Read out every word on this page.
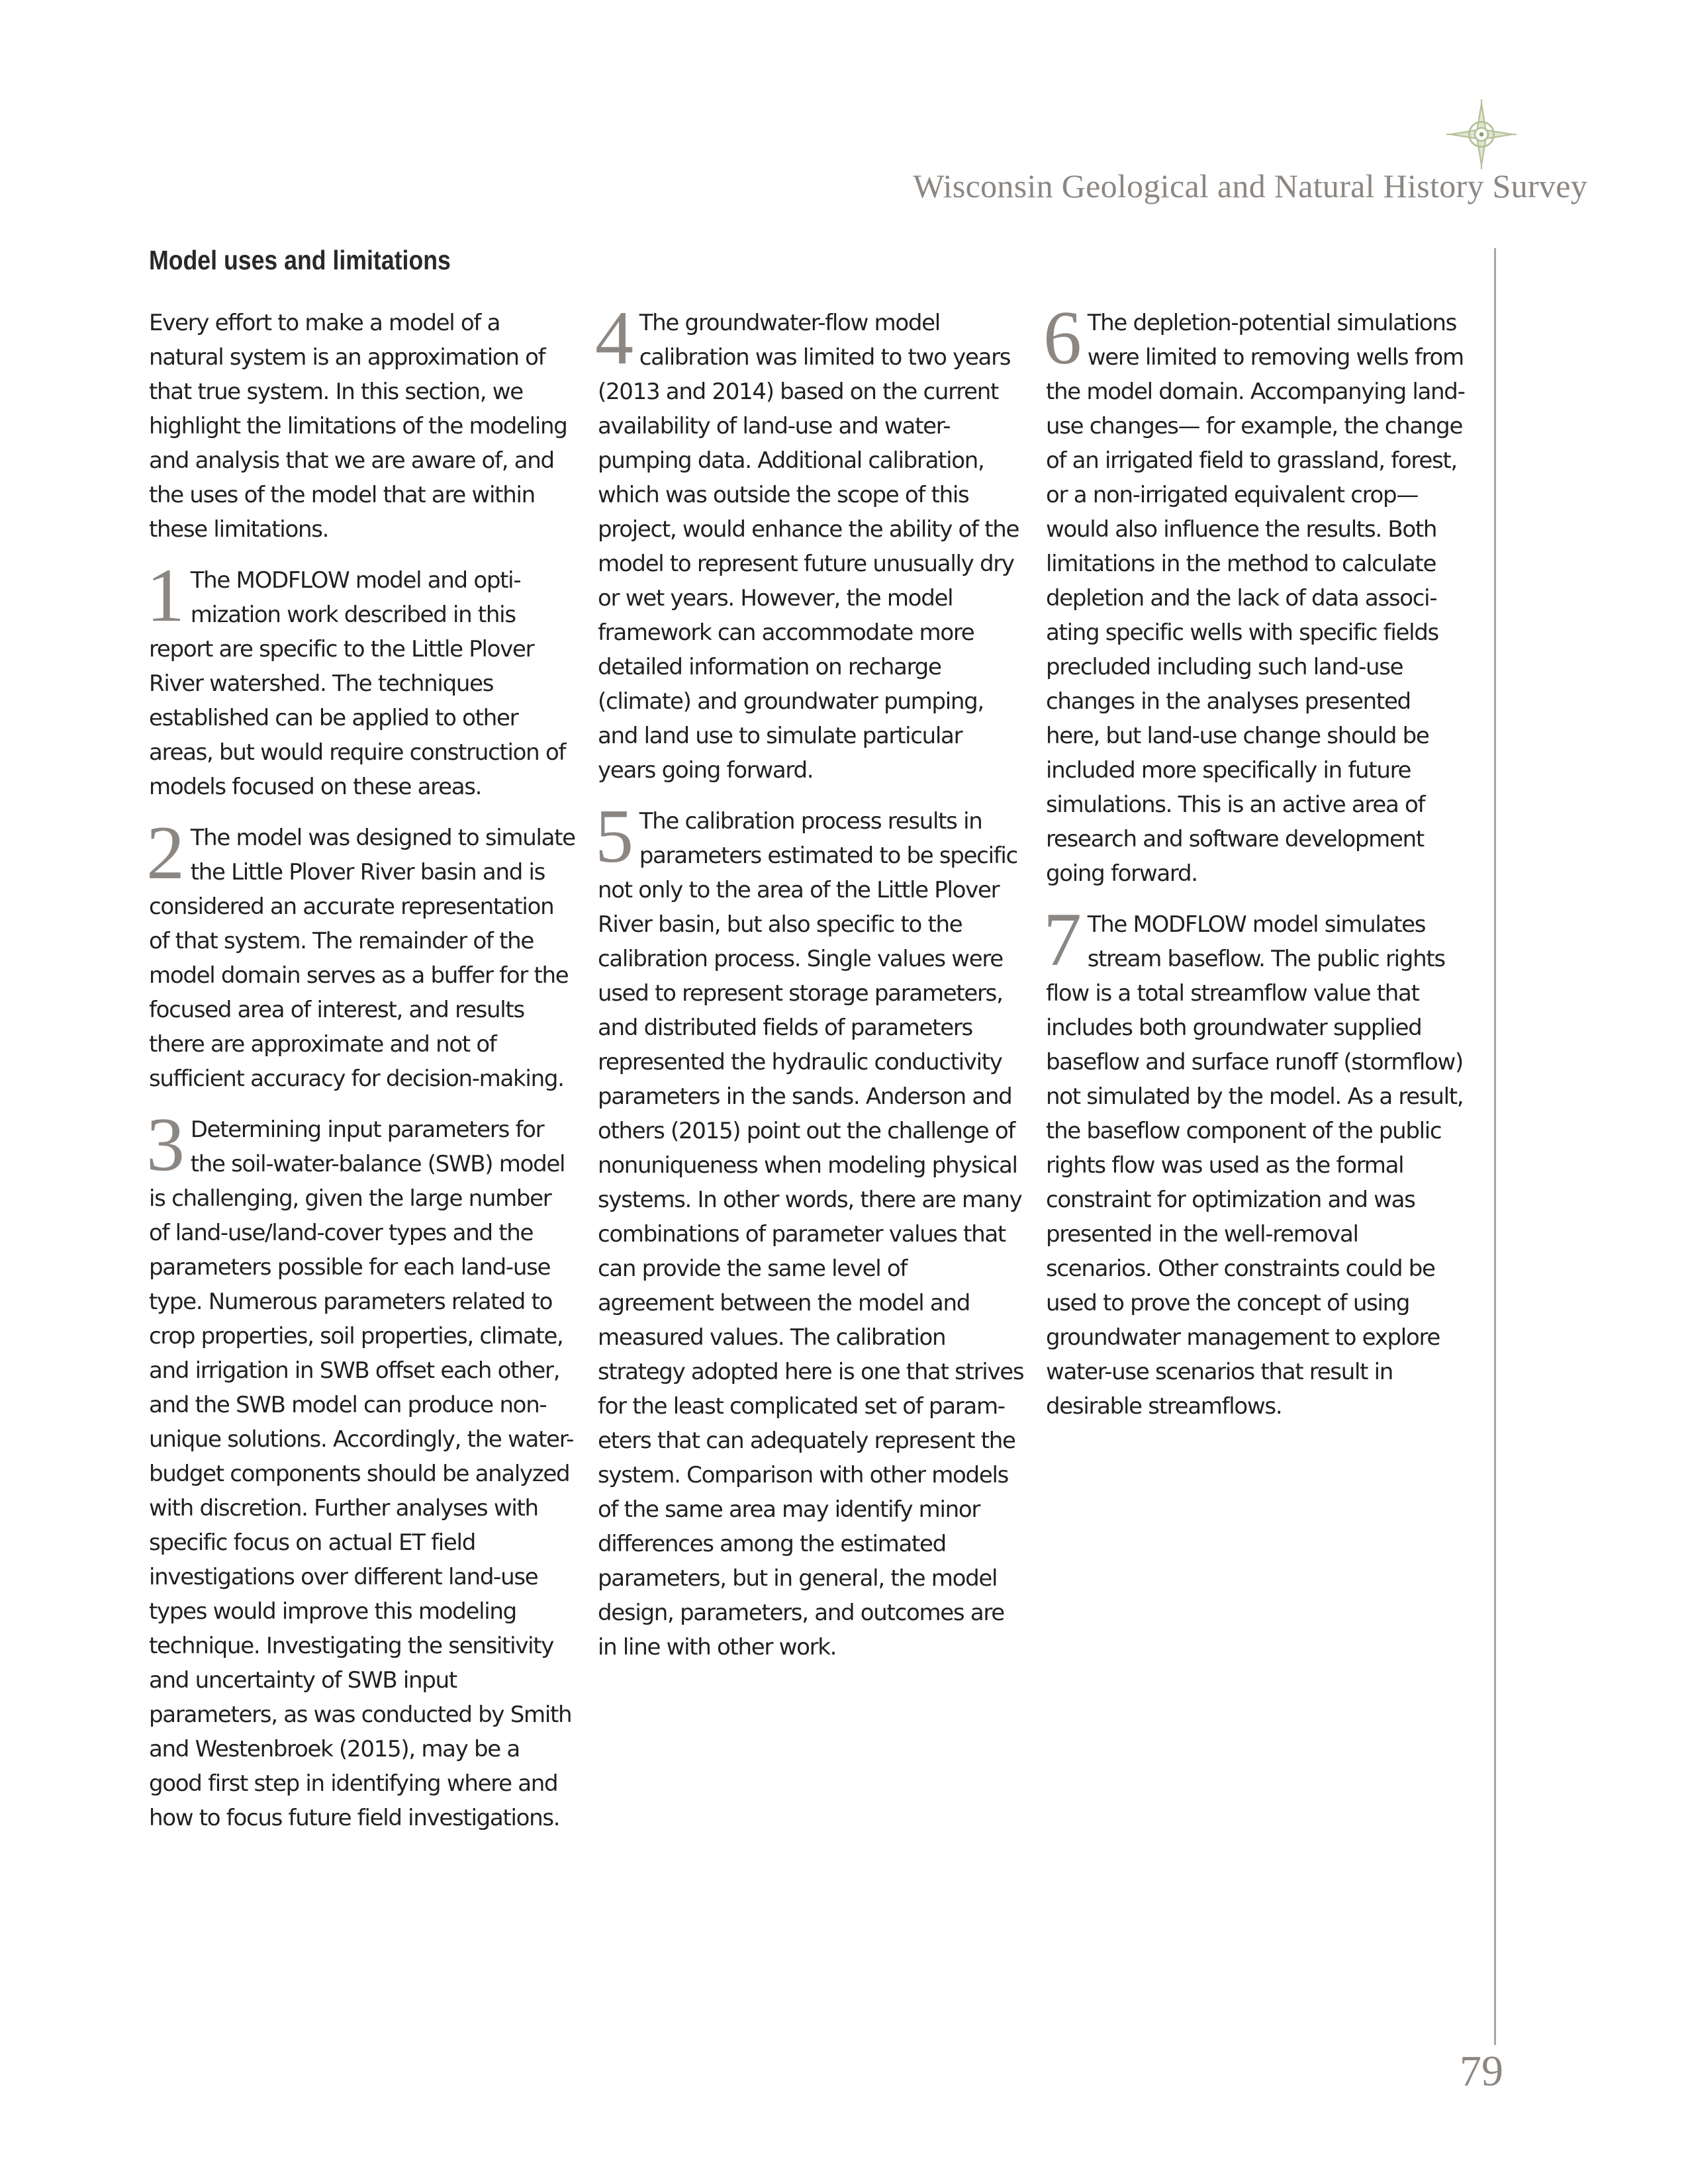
Wisconsin Geological and Natural History Survey
Model uses and limitations

Every effort to make a model of a natural system is an approximation of that true system. In this section, we highlight the limitations of the modeling and analysis that we are aware of, and the uses of the model that are within these limitations.

1 The MODFLOW model and optimization work described in this report are specific to the Little Plover River watershed. The techniques established can be applied to other areas, but would require construction of models focused on these areas.

2 The model was designed to simulate the Little Plover River basin and is considered an accurate representation of that system. The remainder of the model domain serves as a buffer for the focused area of interest, and results there are approximate and not of sufficient accuracy for decision-making.

3 Determining input parameters for the soil-water-balance (SWB) model is challenging, given the large number of land-use/land-cover types and the parameters possible for each land-use type. Numerous parameters related to crop properties, soil properties, climate, and irrigation in SWB offset each other, and the SWB model can produce non-unique solutions. Accordingly, the water-budget components should be analyzed with discretion. Further analyses with specific focus on actual ET field investigations over different land-use types would improve this modeling technique. Investigating the sensitivity and uncertainty of SWB input parameters, as was conducted by Smith and Westenbroek (2015), may be a good first step in identifying where and how to focus future field investigations.

4 The groundwater-flow model calibration was limited to two years (2013 and 2014) based on the current availability of land-use and water-pumping data. Additional calibration, which was outside the scope of this project, would enhance the ability of the model to represent future unusually dry or wet years. However, the model framework can accommodate more detailed information on recharge (climate) and groundwater pumping, and land use to simulate particular years going forward.

5 The calibration process results in parameters estimated to be specific not only to the area of the Little Plover River basin, but also specific to the calibration process. Single values were used to represent storage parameters, and distributed fields of parameters represented the hydraulic conductivity parameters in the sands. Anderson and others (2015) point out the challenge of nonuniqueness when modeling physical systems. In other words, there are many combinations of parameter values that can provide the same level of agreement between the model and measured values. The calibration strategy adopted here is one that strives for the least complicated set of parameters that can adequately represent the system. Comparison with other models of the same area may identify minor differences among the estimated parameters, but in general, the model design, parameters, and outcomes are in line with other work.

6 The depletion-potential simulations were limited to removing wells from the model domain. Accompanying land-use changes— for example, the change of an irrigated field to grassland, forest, or a non-irrigated equivalent crop— would also influence the results. Both limitations in the method to calculate depletion and the lack of data associating specific wells with specific fields precluded including such land-use changes in the analyses presented here, but land-use change should be included more specifically in future simulations. This is an active area of research and software development going forward.

7 The MODFLOW model simulates stream baseflow. The public rights flow is a total streamflow value that includes both groundwater supplied baseflow and surface runoff (stormflow) not simulated by the model. As a result, the baseflow component of the public rights flow was used as the formal constraint for optimization and was presented in the well-removal scenarios. Other constraints could be used to prove the concept of using groundwater management to explore water-use scenarios that result in desirable streamflows.

79
